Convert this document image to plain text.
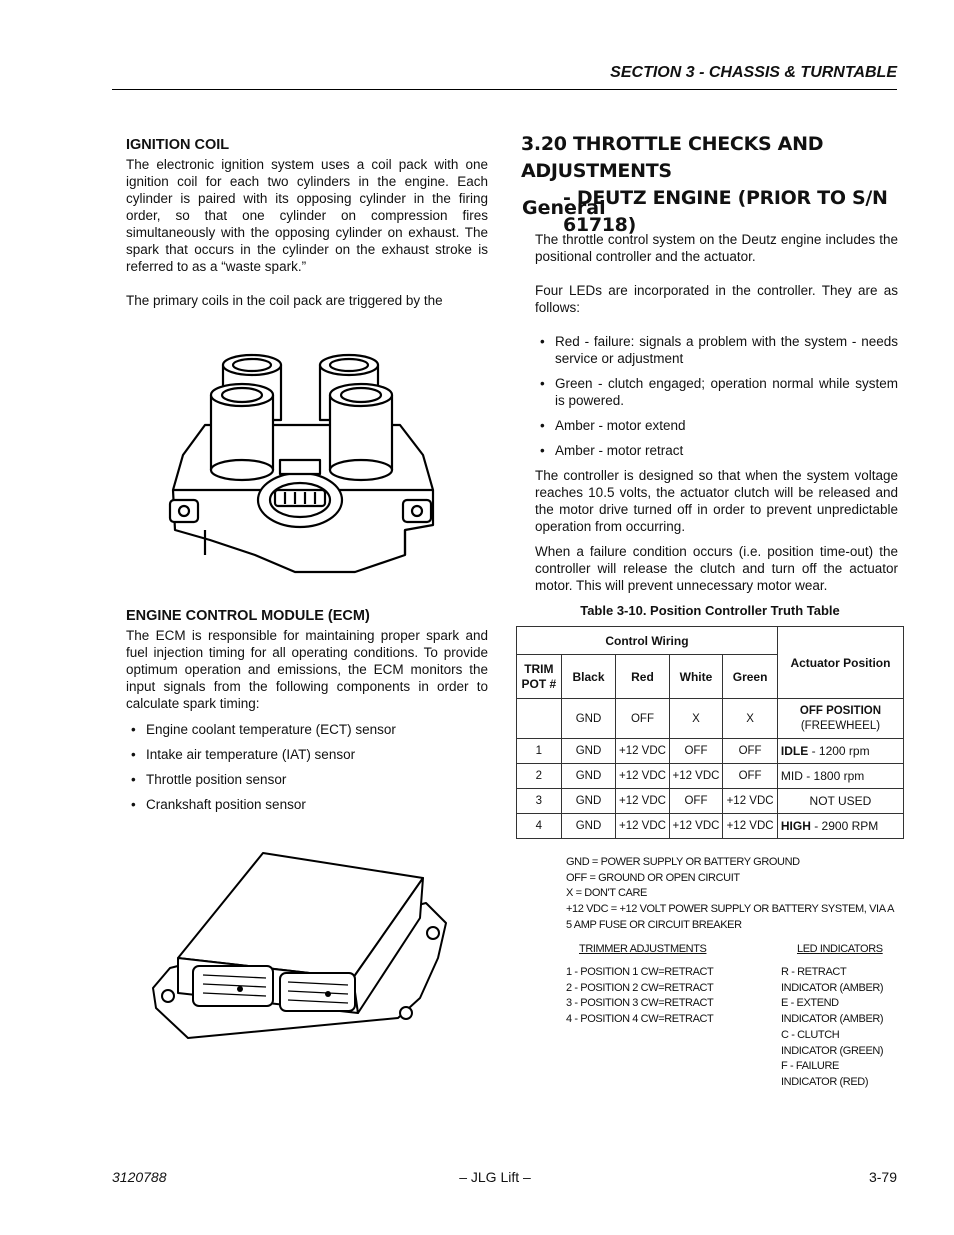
SECTION 3 - CHASSIS & TURNTABLE
IGNITION COIL

The electronic ignition system uses a coil pack with one ignition coil for each two cylinders in the engine. Each cylinder is paired with its opposing cylinder in the firing order, so that one cylinder on compression fires simultaneously with the opposing cylinder on exhaust. The spark that occurs in the cylinder on the exhaust stroke is referred to as a “waste spark.”

The primary coils in the coil pack are triggered by the

ENGINE CONTROL MODULE (ECM)

The ECM is responsible for maintaining proper spark and fuel injection timing for all operating conditions. To provide optimum operation and emissions, the ECM monitors the input signals from the following components in order to calculate spark timing:

• Engine coolant temperature (ECT) sensor
• Intake air temperature (IAT) sensor
• Throttle position sensor
• Crankshaft position sensor
3.20 THROTTLE CHECKS AND ADJUSTMENTS
- DEUTZ ENGINE (PRIOR TO S/N 61718)
General

The throttle control system on the Deutz engine includes the positional controller and the actuator.

Four LEDs are incorporated in the controller. They are as follows:

• Red - failure: signals a problem with the system - needs service or adjustment
• Green - clutch engaged; operation normal while system is powered.
• Amber - motor extend
• Amber - motor retract

The controller is designed so that when the system voltage reaches 10.5 volts, the actuator clutch will be released and the motor drive turned off in order to prevent unpredictable operation from occurring.

When a failure condition occurs (i.e. position time-out) the controller will release the clutch and turn off the actuator motor. This will prevent unnecessary motor wear.

Table 3-10. Position Controller Truth Table
Control Wiring					Actuator Position
TRIM POT #	Black	Red	White	Green	
	GND	OFF	X	X	OFF POSITION
(FREEWHEEL)

1	GND	+12 VDC	OFF	OFF	IDLE - 1200 rpm
2	GND	+12 VDC	+12 VDC	OFF	MID - 1800 rpm
3	GND	+12 VDC	OFF	+12 VDC	NOT USED
4	GND	+12 VDC	+12 VDC	+12 VDC	HIGH - 2900 RPM
GND = POWER SUPPLY OR BATTERY GROUND
OFF = GROUND OR OPEN CIRCUIT
X = DON'T CARE
+12 VDC = +12 VOLT POWER SUPPLY OR BATTERY SYSTEM, VIA A 5 AMP FUSE OR CIRCUIT BREAKER
TRIMMER ADJUSTMENTS
1 - POSITION 1 CW=RETRACT
2 - POSITION 2 CW=RETRACT
3 - POSITION 3 CW=RETRACT
4 - POSITION 4 CW=RETRACT
LED INDICATORS
R - RETRACT INDICATOR (AMBER)
E - EXTEND INDICATOR (AMBER)
C - CLUTCH INDICATOR (GREEN)
F - FAILURE INDICATOR (RED)
3120788	– JLG Lift –	3-79
